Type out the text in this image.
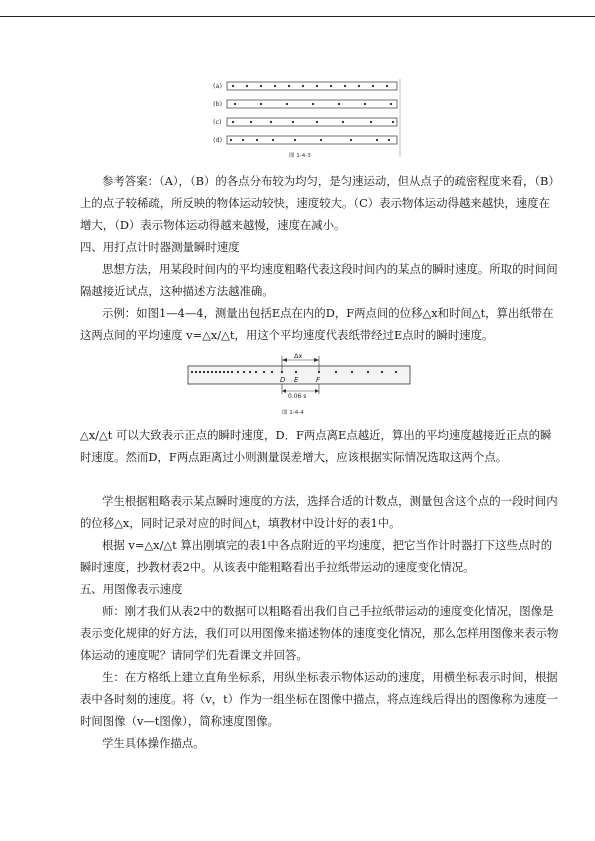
(a)
(b)
(c)
(d)
图 1-4-3

参考答案：（A），（B）的各点分布较为均匀，是匀速运动，但从点子的疏密程度来看，（B）上的点子较稀疏，所反映的物体运动较快，速度较大。（C）表示物体运动得越来越快，速度在增大，（D）表示物体运动得越来越慢，速度在减小。

四、用打点计时器测量瞬时速度

思想方法，用某段时间内的平均速度粗略代表这段时间内的某点的瞬时速度。所取的时间间隔越接近试点，这种描述方法越准确。

示例：如图1—4—4，测量出包括E点在内的D，F两点间的位移△x和时间△t，算出纸带在这两点间的平均速度 v=△x/△t，用这个平均速度代表纸带经过E点时的瞬时速度。

Δx
D E	F
0.06 s
图 1-4-4

△x/△t 可以大致表示正点的瞬时速度，D．F两点离E点越近，算出的平均速度越接近正点的瞬时速度。然而D，F两点距离过小则测量误差增大，应该根据实际情况选取这两个点。

学生根据粗略表示某点瞬时速度的方法，选择合适的计数点，测量包含这个点的一段时间内的位移△x，同时记录对应的时间△t，填教材中设计好的表1中。

根据 v=△x/△t 算出刚填完的表1中各点附近的平均速度，把它当作计时器打下这些点时的瞬时速度，抄教材表2中。从该表中能粗略看出手拉纸带运动的速度变化情况。

五、用图像表示速度

师：刚才我们从表2中的数据可以粗略看出我们自己手拉纸带运动的速度变化情况，图像是表示变化规律的好方法，我们可以用图像来描述物体的速度变化情况，那么怎样用图像来表示物体运动的速度呢？请同学们先看课文并回答。

生：在方格纸上建立直角坐标系，用纵坐标表示物体运动的速度，用横坐标表示时间，根据表中各时刻的速度。将（v，t）作为一组坐标在图像中描点，将点连线后得出的图像称为速度一时间图像（v—t图像），简称速度图像。

学生具体操作描点。
